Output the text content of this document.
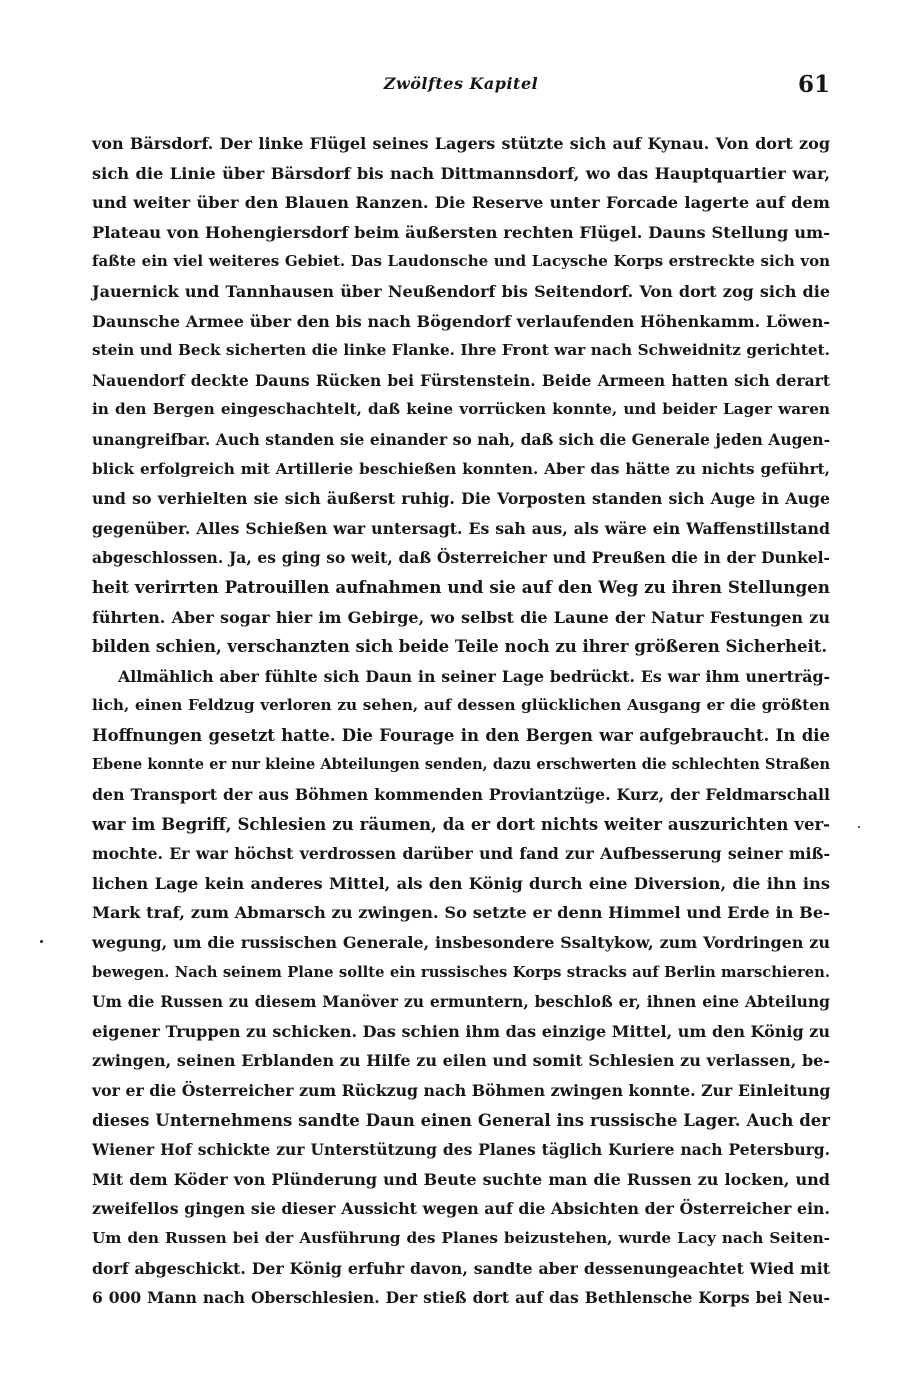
Zwölftes Kapitel	61
von Bärsdorf. Der linke Flügel seines Lagers stützte sich auf Kynau. Von dort zog
sich die Linie über Bärsdorf bis nach Dittmannsdorf, wo das Hauptquartier war,
und weiter über den Blauen Ranzen. Die Reserve unter Forcade lagerte auf dem
Plateau von Hohengiersdorf beim äußersten rechten Flügel. Dauns Stellung um-
faßte ein viel weiteres Gebiet. Das Laudonsche und Lacysche Korps erstreckte sich von
Jauernick und Tannhausen über Neußendorf bis Seitendorf. Von dort zog sich die
Daunsche Armee über den bis nach Bögendorf verlaufenden Höhenkamm. Löwen-
stein und Beck sicherten die linke Flanke. Ihre Front war nach Schweidnitz gerichtet.
Nauendorf deckte Dauns Rücken bei Fürstenstein. Beide Armeen hatten sich derart
in den Bergen eingeschachtelt, daß keine vorrücken konnte, und beider Lager waren
unangreifbar. Auch standen sie einander so nah, daß sich die Generale jeden Augen-
blick erfolgreich mit Artillerie beschießen konnten. Aber das hätte zu nichts geführt,
und so verhielten sie sich äußerst ruhig. Die Vorposten standen sich Auge in Auge
gegenüber. Alles Schießen war untersagt. Es sah aus, als wäre ein Waffenstillstand
abgeschlossen. Ja, es ging so weit, daß Österreicher und Preußen die in der Dunkel-
heit verirrten Patrouillen aufnahmen und sie auf den Weg zu ihren Stellungen
führten. Aber sogar hier im Gebirge, wo selbst die Laune der Natur Festungen zu
bilden schien, verschanzten sich beide Teile noch zu ihrer größeren Sicherheit.
Allmählich aber fühlte sich Daun in seiner Lage bedrückt. Es war ihm unerträg-
lich, einen Feldzug verloren zu sehen, auf dessen glücklichen Ausgang er die größten
Hoffnungen gesetzt hatte. Die Fourage in den Bergen war aufgebraucht. In die
Ebene konnte er nur kleine Abteilungen senden, dazu erschwerten die schlechten Straßen
den Transport der aus Böhmen kommenden Proviantzüge. Kurz, der Feldmarschall
war im Begriff, Schlesien zu räumen, da er dort nichts weiter auszurichten ver-
mochte. Er war höchst verdrossen darüber und fand zur Aufbesserung seiner miß-
lichen Lage kein anderes Mittel, als den König durch eine Diversion, die ihn ins
Mark traf, zum Abmarsch zu zwingen. So setzte er denn Himmel und Erde in Be-
wegung, um die russischen Generale, insbesondere Ssaltykow, zum Vordringen zu
bewegen. Nach seinem Plane sollte ein russisches Korps stracks auf Berlin marschieren.
Um die Russen zu diesem Manöver zu ermuntern, beschloß er, ihnen eine Abteilung
eigener Truppen zu schicken. Das schien ihm das einzige Mittel, um den König zu
zwingen, seinen Erblanden zu Hilfe zu eilen und somit Schlesien zu verlassen, be-
vor er die Österreicher zum Rückzug nach Böhmen zwingen konnte. Zur Einleitung
dieses Unternehmens sandte Daun einen General ins russische Lager. Auch der
Wiener Hof schickte zur Unterstützung des Planes täglich Kuriere nach Petersburg.
Mit dem Köder von Plünderung und Beute suchte man die Russen zu locken, und
zweifellos gingen sie dieser Aussicht wegen auf die Absichten der Österreicher ein.
Um den Russen bei der Ausführung des Planes beizustehen, wurde Lacy nach Seiten-
dorf abgeschickt. Der König erfuhr davon, sandte aber dessenungeachtet Wied mit
6 000 Mann nach Oberschlesien. Der stieß dort auf das Bethlensche Korps bei Neu-
